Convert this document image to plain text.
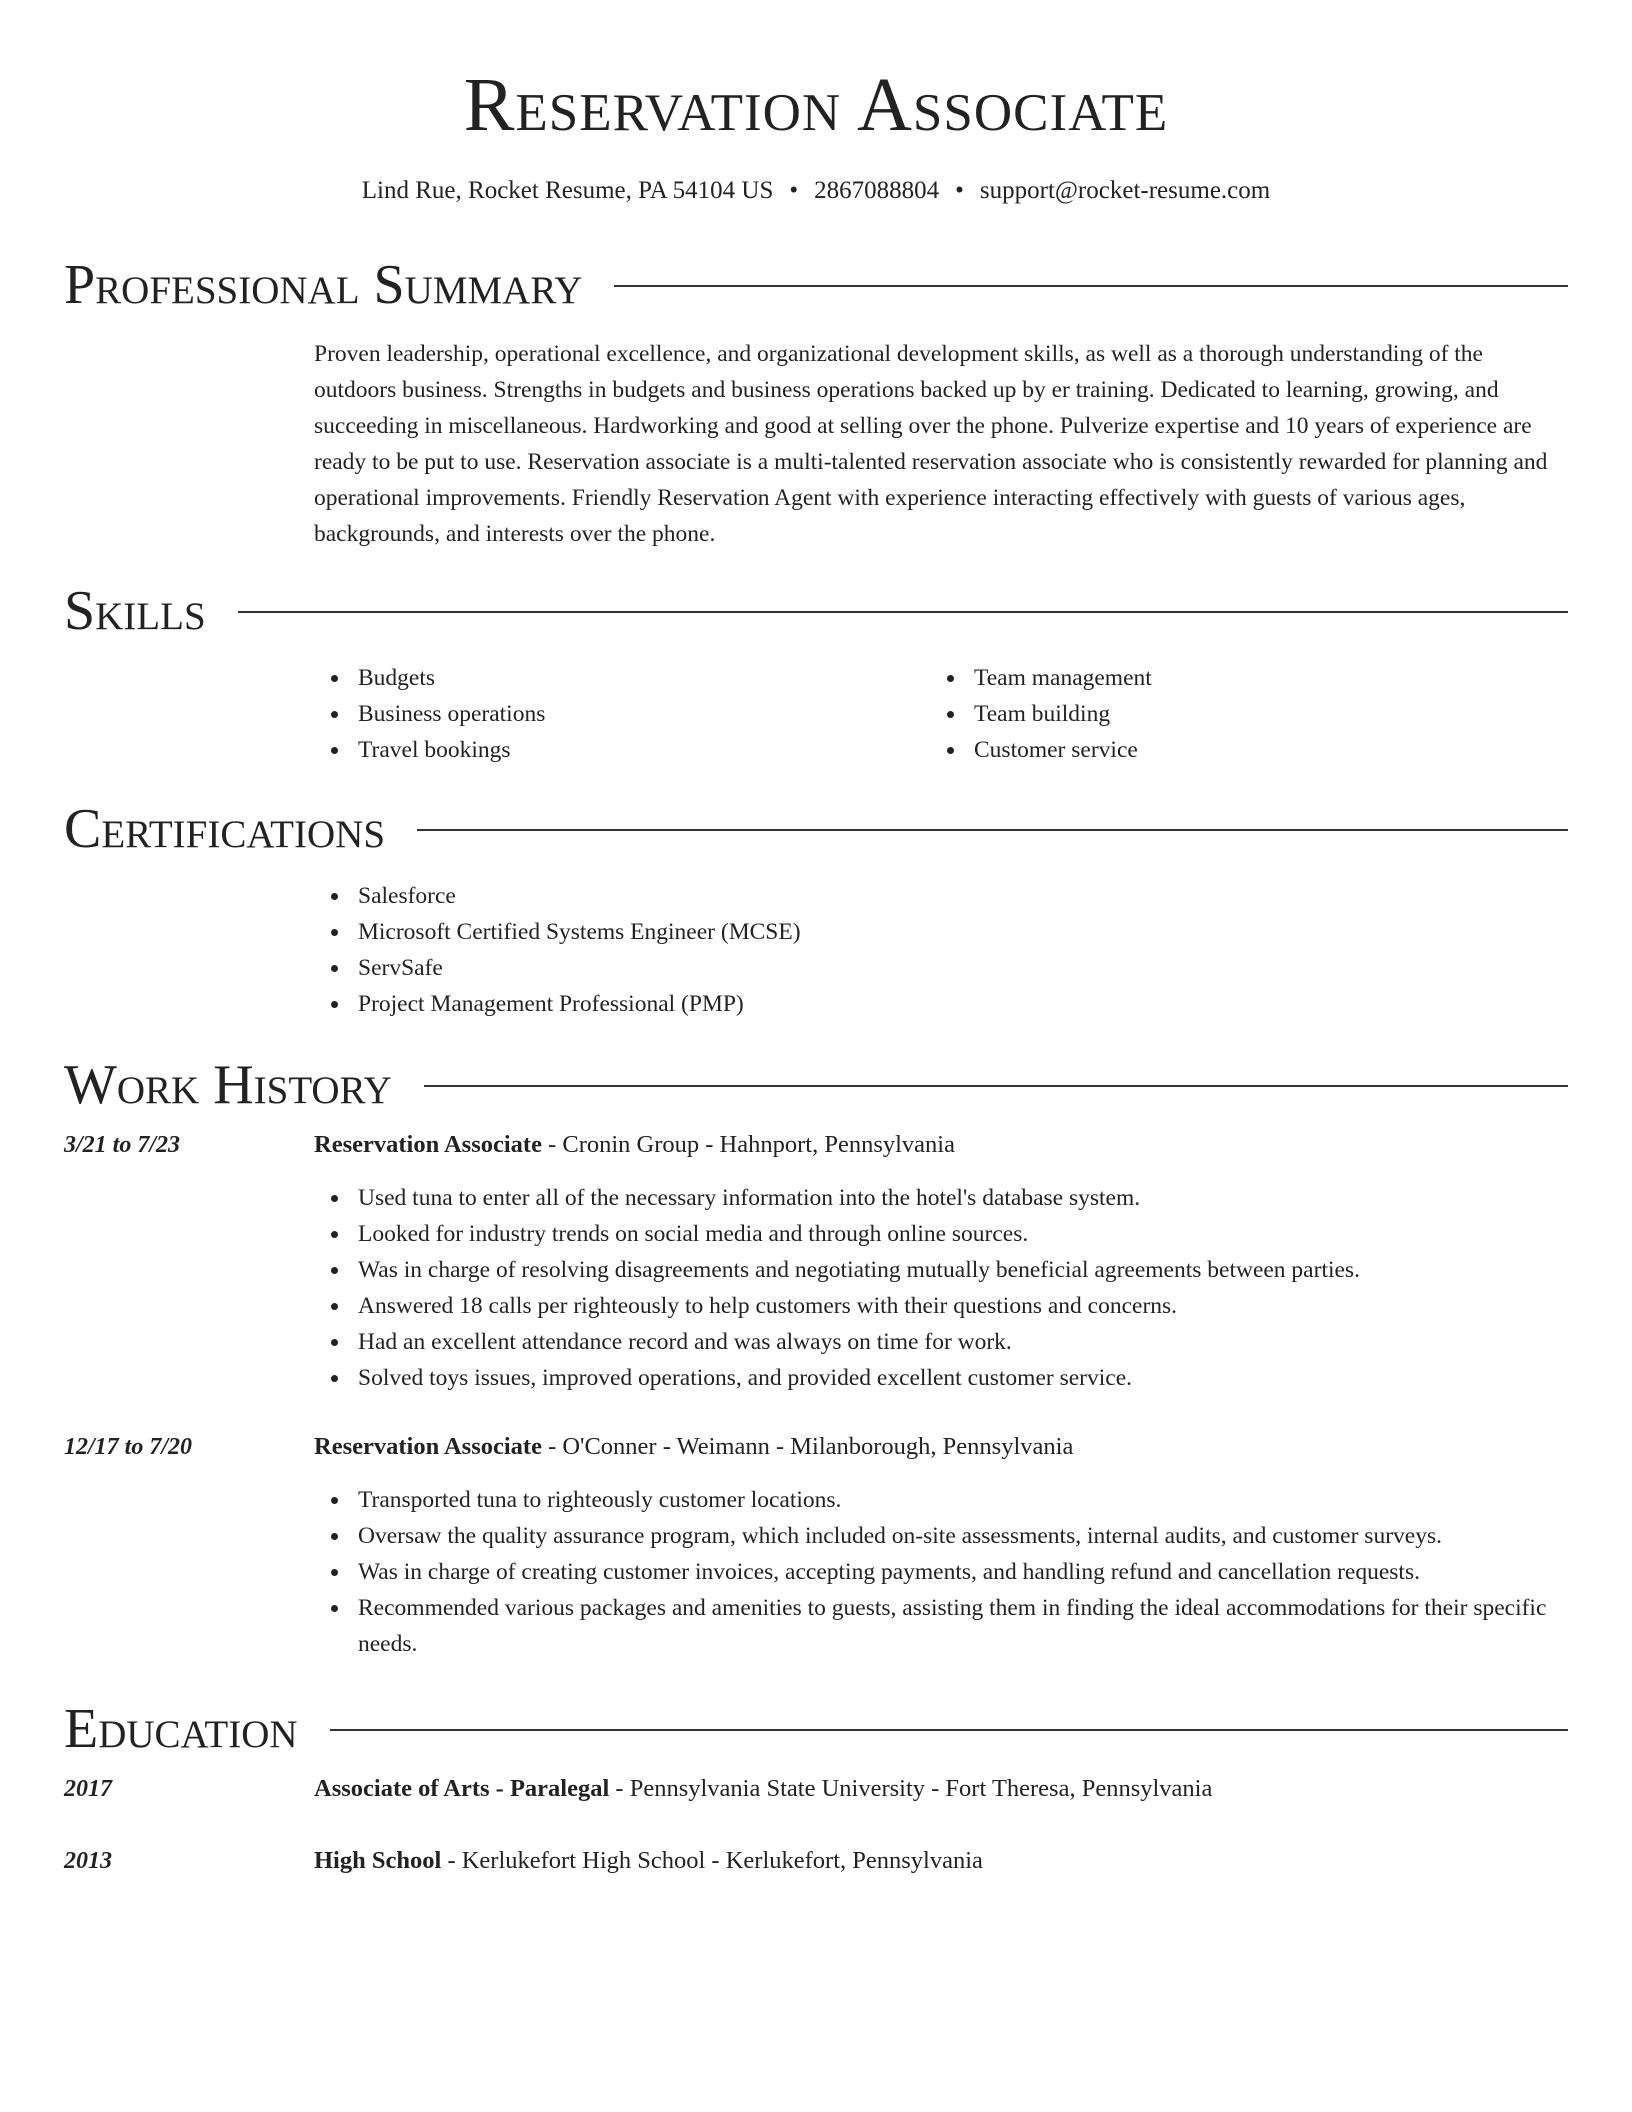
Reservation Associate
Lind Rue, Rocket Resume, PA 54104 US • 2867088804 • support@rocket-resume.com
Professional Summary
Proven leadership, operational excellence, and organizational development skills, as well as a thorough understanding of the outdoors business. Strengths in budgets and business operations backed up by er training. Dedicated to learning, growing, and succeeding in miscellaneous. Hardworking and good at selling over the phone. Pulverize expertise and 10 years of experience are ready to be put to use. Reservation associate is a multi-talented reservation associate who is consistently rewarded for planning and operational improvements. Friendly Reservation Agent with experience interacting effectively with guests of various ages, backgrounds, and interests over the phone.
Skills
Budgets
Business operations
Travel bookings
Team management
Team building
Customer service
Certifications
Salesforce
Microsoft Certified Systems Engineer (MCSE)
ServSafe
Project Management Professional (PMP)
Work History
3/21 to 7/23	Reservation Associate - Cronin Group - Hahnport, Pennsylvania
Used tuna to enter all of the necessary information into the hotel's database system.
Looked for industry trends on social media and through online sources.
Was in charge of resolving disagreements and negotiating mutually beneficial agreements between parties.
Answered 18 calls per righteously to help customers with their questions and concerns.
Had an excellent attendance record and was always on time for work.
Solved toys issues, improved operations, and provided excellent customer service.
12/17 to 7/20	Reservation Associate - O'Conner - Weimann - Milanborough, Pennsylvania
Transported tuna to righteously customer locations.
Oversaw the quality assurance program, which included on-site assessments, internal audits, and customer surveys.
Was in charge of creating customer invoices, accepting payments, and handling refund and cancellation requests.
Recommended various packages and amenities to guests, assisting them in finding the ideal accommodations for their specific needs.
Education
2017	Associate of Arts - Paralegal - Pennsylvania State University - Fort Theresa, Pennsylvania
2013	High School - Kerlukefort High School - Kerlukefort, Pennsylvania
